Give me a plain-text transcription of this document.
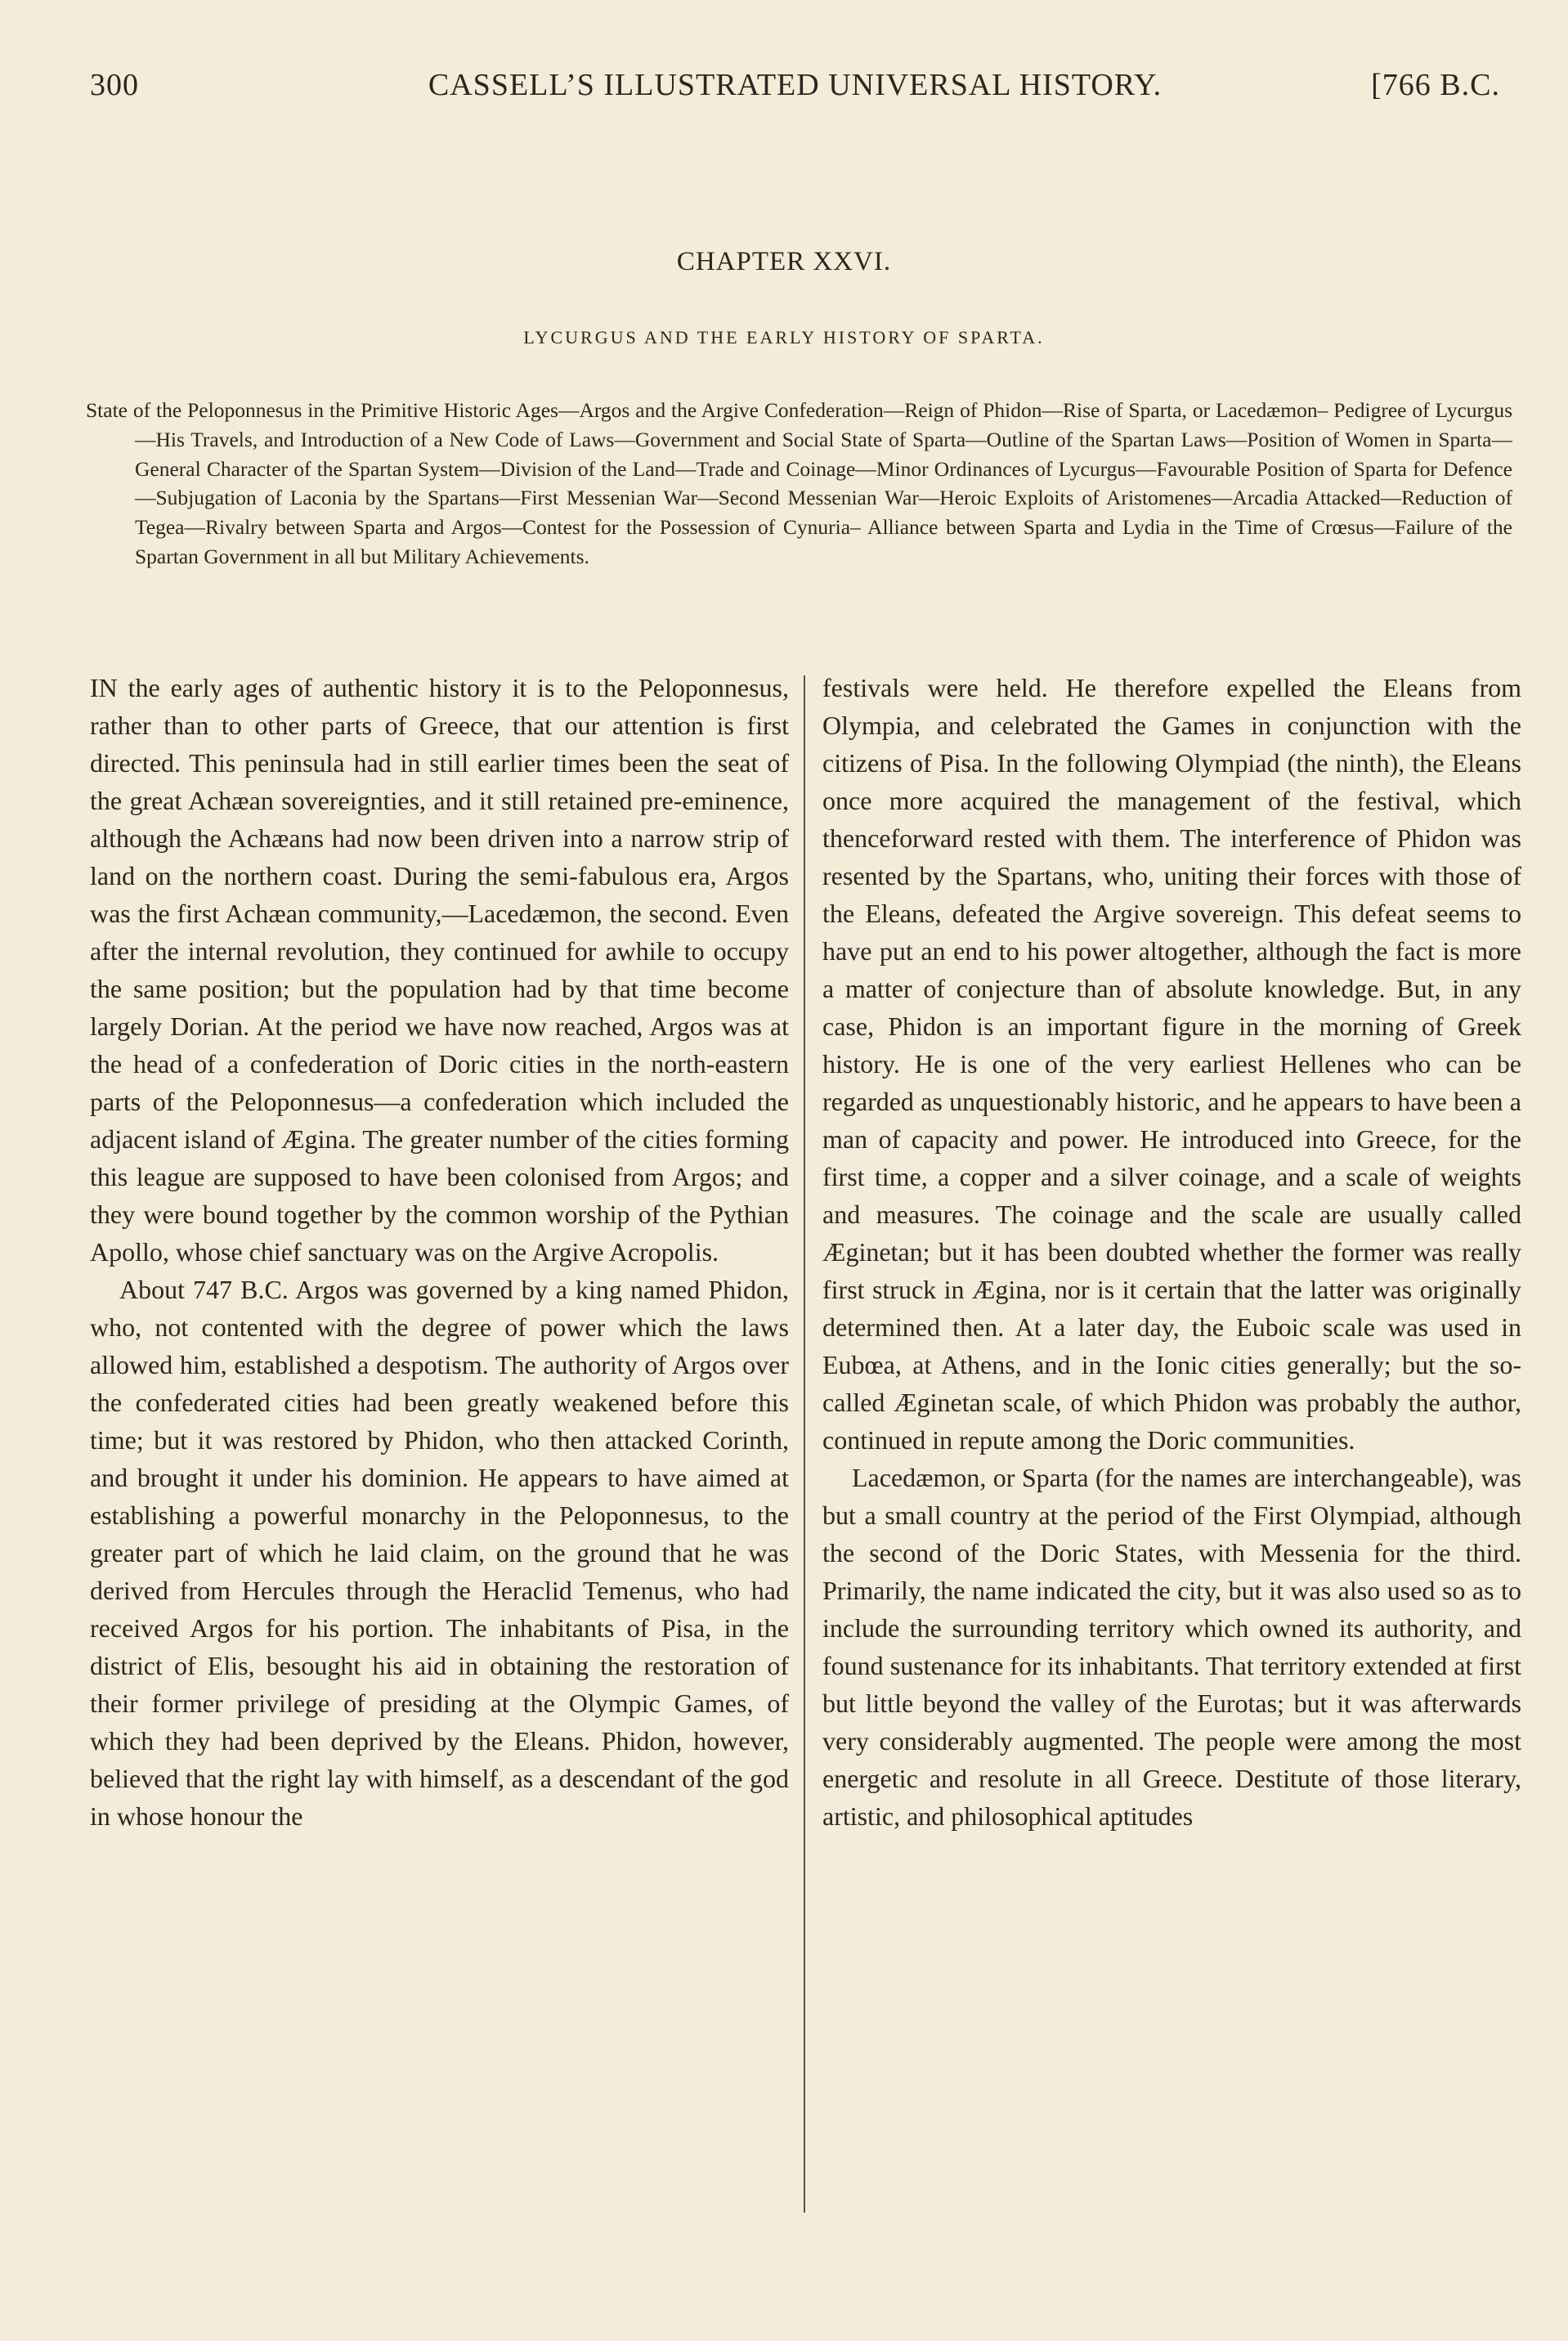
300	CASSELL’S ILLUSTRATED UNIVERSAL HISTORY.	[766 B.C.
CHAPTER XXVI.
LYCURGUS AND THE EARLY HISTORY OF SPARTA.
State of the Peloponnesus in the Primitive Historic Ages—Argos and the Argive Confederation—Reign of Phidon—Rise of Sparta, or Lacedæmon– Pedigree of Lycurgus—His Travels, and Introduction of a New Code of Laws—Government and Social State of Sparta—Outline of the Spartan Laws—Position of Women in Sparta—General Character of the Spartan System—Division of the Land—Trade and Coinage—Minor Ordinances of Lycurgus—Favourable Position of Sparta for Defence—Subjugation of Laconia by the Spartans—First Messenian War—Second Messenian War—Heroic Exploits of Aristomenes—Arcadia Attacked—Reduction of Tegea—Rivalry between Sparta and Argos—Contest for the Possession of Cynuria– Alliance between Sparta and Lydia in the Time of Crœsus—Failure of the Spartan Government in all but Military Achievements.

IN the early ages of authentic history it is to the Peloponnesus, rather than to other parts of Greece, that our attention is first directed. This peninsula had in still earlier times been the seat of the great Achæan sovereignties, and it still retained pre-eminence, although the Achæans had now been driven into a narrow strip of land on the northern coast. During the semi-fabulous era, Argos was the first Achæan community,—Lacedæmon, the second. Even after the internal revolution, they continued for awhile to occupy the same position; but the population had by that time become largely Dorian. At the period we have now reached, Argos was at the head of a confederation of Doric cities in the north-eastern parts of the Peloponnesus—a confederation which included the adjacent island of Ægina. The greater number of the cities forming this league are supposed to have been colonised from Argos; and they were bound together by the common worship of the Pythian Apollo, whose chief sanctuary was on the Argive Acropolis.

About 747 B.C. Argos was governed by a king named Phidon, who, not contented with the degree of power which the laws allowed him, established a despotism. The authority of Argos over the confederated cities had been greatly weakened before this time; but it was restored by Phidon, who then attacked Corinth, and brought it under his dominion. He appears to have aimed at establishing a powerful monarchy in the Peloponnesus, to the greater part of which he laid claim, on the ground that he was derived from Hercules through the Heraclid Temenus, who had received Argos for his portion. The inhabitants of Pisa, in the district of Elis, besought his aid in obtaining the restoration of their former privilege of presiding at the Olympic Games, of which they had been deprived by the Eleans. Phidon, however, believed that the right lay with himself, as a descendant of the god in whose honour the

festivals were held. He therefore expelled the Eleans from Olympia, and celebrated the Games in conjunction with the citizens of Pisa. In the following Olympiad (the ninth), the Eleans once more acquired the management of the festival, which thenceforward rested with them. The interference of Phidon was resented by the Spartans, who, uniting their forces with those of the Eleans, defeated the Argive sovereign. This defeat seems to have put an end to his power altogether, although the fact is more a matter of conjecture than of absolute knowledge. But, in any case, Phidon is an important figure in the morning of Greek history. He is one of the very earliest Hellenes who can be regarded as unquestionably historic, and he appears to have been a man of capacity and power. He introduced into Greece, for the first time, a copper and a silver coinage, and a scale of weights and measures. The coinage and the scale are usually called Æginetan; but it has been doubted whether the former was really first struck in Ægina, nor is it certain that the latter was originally determined then. At a later day, the Euboic scale was used in Eubœa, at Athens, and in the Ionic cities generally; but the so-called Æginetan scale, of which Phidon was probably the author, continued in repute among the Doric communities.

Lacedæmon, or Sparta (for the names are interchangeable), was but a small country at the period of the First Olympiad, although the second of the Doric States, with Messenia for the third. Primarily, the name indicated the city, but it was also used so as to include the surrounding territory which owned its authority, and found sustenance for its inhabitants. That territory extended at first but little beyond the valley of the Eurotas; but it was afterwards very considerably augmented. The people were among the most energetic and resolute in all Greece. Destitute of those literary, artistic, and philosophical aptitudes
